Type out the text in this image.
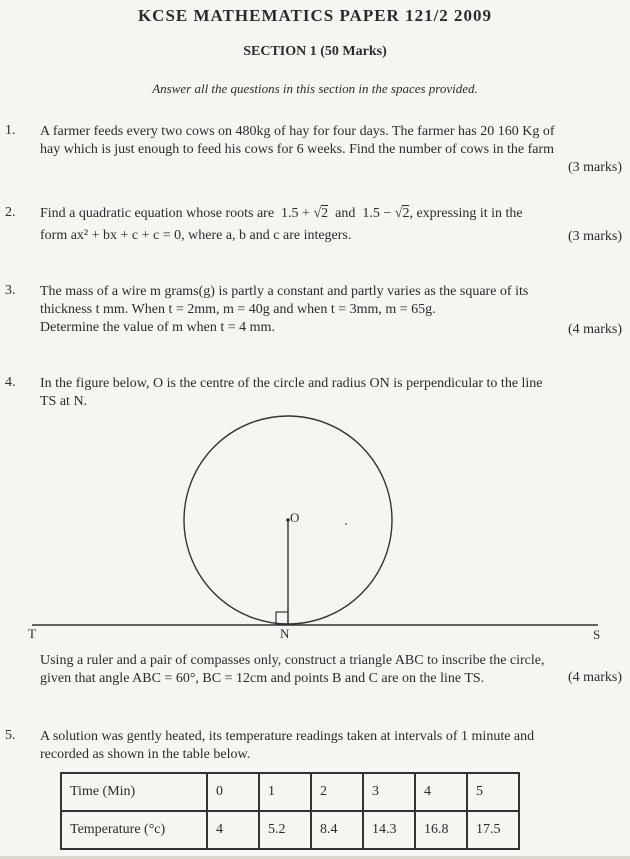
KCSE MATHEMATICS PAPER 121/2 2009
SECTION 1 (50 Marks)
Answer all the questions in this section in the spaces provided.
1. A farmer feeds every two cows on 480kg of hay for four days. The farmer has 20 160 Kg of
hay which is just enough to feed his cows for 6 weeks. Find the number of cows in the farm
(3 marks)
2. Find a quadratic equation whose roots are 1.5 + √2 and 1.5 − √2, expressing it in the
form ax² + bx + c + c = 0, where a, b and c are integers.	(3 marks)
3. The mass of a wire m grams(g) is partly a constant and partly varies as the square of its
thickness t mm. When t = 2mm, m = 40g and when t = 3mm, m = 65g.
Determine the value of m when t = 4 mm.	(4 marks)
4. In the figure below, O is the centre of the circle and radius ON is perpendicular to the line
TS at N.
O
N
T	S
Using a ruler and a pair of compasses only, construct a triangle ABC to inscribe the circle,
given that angle ABC = 60°, BC = 12cm and points B and C are on the line TS.	(4 marks)
5. A solution was gently heated, its temperature readings taken at intervals of 1 minute and
recorded as shown in the table below.
Time (Min)	0	1	2	3	4	5
Temperature (°c)	4	5.2	8.4	14.3	16.8	17.5
